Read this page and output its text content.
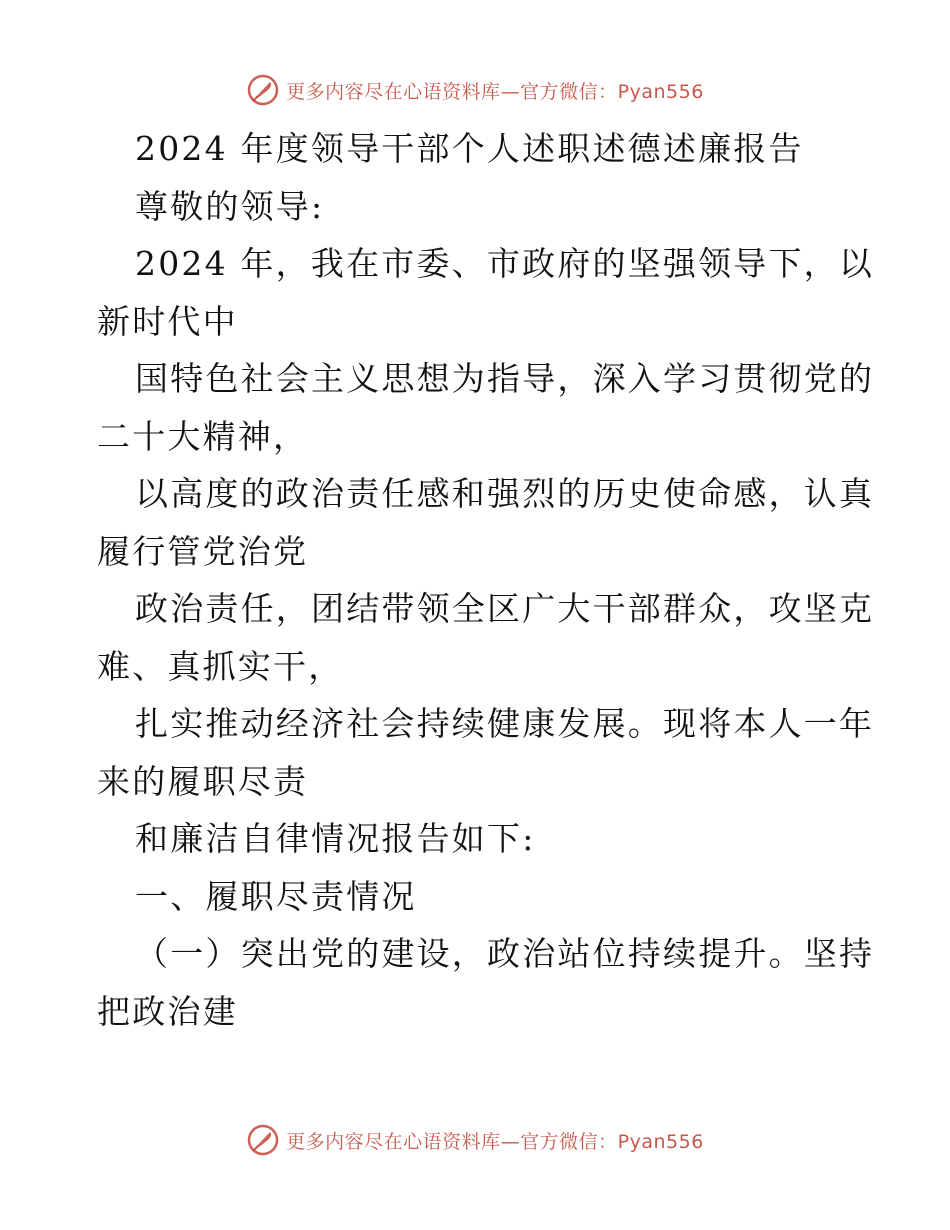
更多内容尽在心语资料库—官方微信：Pyan556
2024 年度领导干部个人述职述德述廉报告
尊敬的领导:
2024 年，我在市委、市政府的坚强领导下，以
新时代中
国特色社会主义思想为指导，深入学习贯彻党的
二十大精神，
以高度的政治责任感和强烈的历史使命感，认真
履行管党治党
政治责任，团结带领全区广大干部群众，攻坚克
难、真抓实干，
扎实推动经济社会持续健康发展。现将本人一年
来的履职尽责
和廉洁自律情况报告如下:
一、履职尽责情况
（一）突出党的建设，政治站位持续提升。坚持
把政治建
更多内容尽在心语资料库—官方微信：Pyan556
